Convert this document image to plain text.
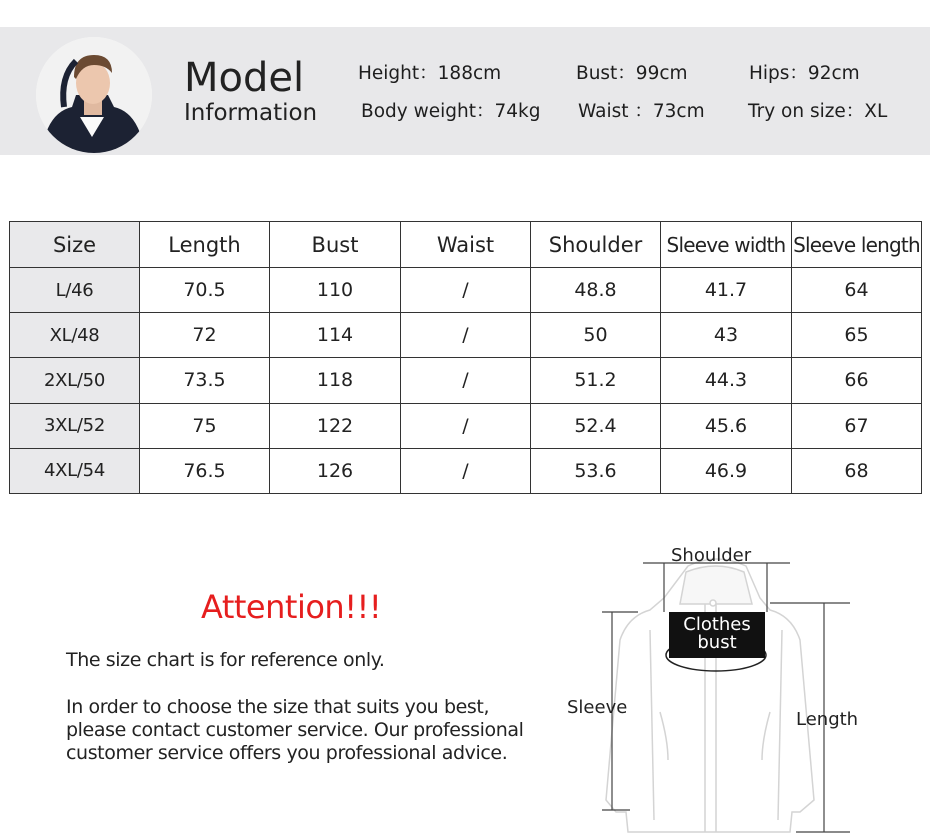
Model
Information
Height：188cm	Bust：99cm	Hips：92cm
Body weight：74kg Waist ：73cm Try on size：XL
Size	Length	Bust	Waist	Shoulder	Sleeve width	Sleeve length
L/46	70.5	110	/	48.8	41.7	64
XL/48	72	114	/	50	43	65
2XL/50	73.5	118	/	51.2	44.3	66
3XL/52	75	122	/	52.4	45.6	67
4XL/54	76.5	126	/	53.6	46.9	68
Attention!!!
The size chart is for reference only.
In order to choose the size that suits you best,
please contact customer service. Our professional
customer service offers you professional advice.
Shoulder
Clothes
bust
Sleeve
Length
